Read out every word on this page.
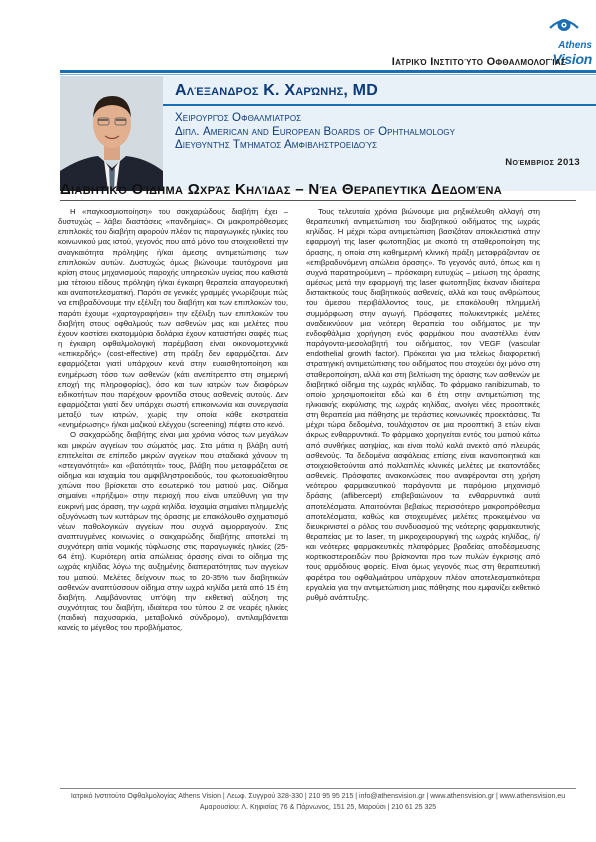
Athens
Vision
Ιατρικό Ινστιτούτο Οφθαλμολογίας
Αλέξανδρος Κ. Χαρώνης, MD
Χειρουργός Οφθαλμίατρος
Διπλ. American and European Boards of Ophthalmology
Διευθυντής Τμήματος Αμφιβληστροειδούς
Νοέμβριος 2013
Διαβητικό Οίδημα Ωχράς Κηλίδας – Νέα Θεραπευτικά Δεδομένα

Η «παγκοσμιοποίηση» του σακχαρώδους διαβήτη έχει – δυστυχώς – λάβει διαστάσεις «πανδημίας». Οι μακροπρόθεσμες επιπλοκές του διαβήτη αφορούν πλέον τις παραγωγικές ηλικίες του κοινωνικού μας ιστού, γεγονός που από μόνο του στοιχειοθετεί την αναγκαιότητα πρόληψης ή/και άμεσης αντιμετώπισης των επιπλοκών αυτών. Δυστυχώς όμως βιώνουμε ταυτόχρονα μια κρίση στους μηχανισμούς παροχής υπηρεσιών υγείας που καθιστά μια τέτοιου είδους πρόληψη ή/και έγκαιρη θεραπεία απαγορευτική και αναποτελεσματική. Παρότι σε γενικές γραμμές γνωρίζουμε πώς να επιβραδύνουμε την εξέλιξη του διαβήτη και των επιπλοκών του, παρότι έχουμε «χαρτογραφήσει» την εξέλιξη των επιπλοκών του διαβήτη στους οφθαλμούς των ασθενών μας και μελέτες που έχουν κοστίσει εκατομμύρια δολάρια έχουν καταστήσει σαφές πως η έγκαιρη οφθαλμολογική παρέμβαση είναι οικονομοτεχνικά «επικερδής» (cost-effective) στη πράξη δεν εφαρμόζεται. Δεν εφαρμόζεται γιατί υπάρχουν κενά στην ευαισθητοποίηση και ενημέρωση τόσο των ασθενών (κάτι ανεπίτρεπτο στη σημερινή εποχή της πληροφορίας), όσο και των ιατρών των διαφόρων ειδικοτήτων που παρέχουν φροντίδα στους ασθενείς αυτούς. Δεν εφαρμόζεται γιατί δεν υπάρχει σωστή επικοινωνία και συνεργασία μεταξύ των ιατρών, χωρίς την οποία κάθε εκστρατεία «ενημέρωσης» ή/και μαζικού ελέγχου (screening) πέφτει στο κενό.

Ο σακχαρώδης διαβήτης είναι μια χρόνια νόσος των μεγάλων και μικρών αγγείων του σώματός μας. Στα μάτια η βλάβη αυτή επιτελείται σε επίπεδο μικρών αγγείων που σταδιακά χάνουν τη «στεγανότητά» και «βατότητά» τους, βλάβη που μεταφράζεται σε οίδημα και ισχαιμία του αμφιβληστροειδούς, του φωτοευαίσθητου χιτώνα που βρίσκεται στο εσωτερικό του ματιού μας. Οίδημα σημαίνει «πρήξιμο» στην περιοχή που είναι υπεύθυνη για την ευκρινή μας όραση, την ωχρά κηλίδα. Ισχαιμία σημαίνει πλημμελής οξυγόνωση των κυττάρων της όρασης με επακόλουθο σχηματισμό νέων παθολογικών αγγείων που συχνά αιμορραγούν. Στις αναπτυγμένες κοινωνίες ο σακχαρώδης διαβήτης αποτελεί τη συχνότερη αιτία νομικής τύφλωσης στις παραγωγικές ηλικίες (25-64 έτη). Κυριότερη αιτία απώλειας όρασης είναι το οίδημα της ωχράς κηλίδας λόγω της αυξημένης διαπερατότητας των αγγείων του ματιού. Μελέτες δείχνουν πως το 20-35% των διαβητικών ασθενών αναπτύσσουν οίδημα στην ωχρά κηλίδα μετά από 15 έτη διαβήτη. Λαμβάνοντας υπ'όψη την εκθετική αύξηση της συχνότητας του διαβήτη, ιδιαίτερα του τύπου 2 σε νεαρές ηλικίες (παιδική παχυσαρκία, μεταβολικό σύνδρομο), αντιλαμβάνεται κανείς το μέγεθος του προβλήματος.

Τους τελευταία χρόνια βιώνουμε μια ρηξικέλευθη αλλαγή στη θεραπευτική αντιμετώπιση του διαβητικού οιδήματος της ωχράς κηλίδας. Η μέχρι τώρα αντιμετώπιση βασιζόταν αποκλειστικά στην εφαρμογή της laser φωτοπηξίας με σκοπό τη σταθεροποίηση της όρασης, η οποία στη καθημερινή κλινική πράξη μεταφράζονταν σε «επιβραδυνόμενη απώλεια όρασης». Το γεγονός αυτό, όπως και η συχνά παρατηρούμενη – πρόσκαιρη ευτυχώς – μείωση της όρασης αμέσως μετά την εφαρμογή της laser φωτοπηξίας έκαναν ιδιαίτερα διστακτικούς τους διαβητικούς ασθενείς, αλλά και τους ανθρώπους του άμεσου περιβάλλοντος τους, με επακόλουθη πλημμελή συμμόρφωση στην αγωγή. Πρόσφατες πολυκεντρικές μελέτες αναδεικνύουν μια νεότερη θεραπεία του οιδήματος με την ενδοφθάλμια χορήγηση ενός φαρμάκου που αναστέλλει έναν παράγοντα-μεσολαβητή του οιδήματος, τον VEGF (vascular endothelial growth factor). Πρόκειται για μια τελείως διαφορετική στρατηγική αντιμετώπισης του οιδήματος που στοχεύει όχι μόνο στη σταθεροποίηση, αλλά και στη βελτίωση της όρασης των ασθενών με διαβητικό οίδημα της ωχράς κηλίδας. Το φάρμακο ranibizumab, το οποίο χρησιμοποιείται εδώ και 6 έτη στην αντιμετώπιση της ηλικιακής εκφύλισης της ωχράς κηλίδας, ανοίγει νέες προοπτικές στη θεραπεία μια πάθησης με τεράστιες κοινωνικές προεκτάσεις. Τα μέχρι τώρα δεδομένα, τουλάχιστον σε μια προοπτική 3 ετών είναι άκρως ενθαρρυντικά. Το φάρμακο χορηγείται εντός του ματιού κάτω από συνθήκες ασηψίας, και είναι πολύ καλά ανεκτό από πλευράς ασθενούς. Τα δεδομένα ασφάλειας επίσης είναι ικανοποιητικά και στοιχειοθετούνται από πολλαπλές κλινικές μελέτες με εκατοντάδες ασθενείς. Πρόσφατες ανακοινώσεις που αναφέρονται στη χρήση νεότερου φαρμακευτικού παράγοντα με παρόμοιο μηχανισμό δράσης (aflibercept) επιβεβαιώνουν τα ενθαρρυντικά αυτά αποτελέσματα. Απαιτούνται βεβαίως περισσότερο μακροπρόθεσμα αποτελέσματα, καθώς και στοχευμένες μελέτες προκειμένου να διευκρινιστεί ο ρόλος του συνδυασμού της νεότερης φαρμακευτικής θεραπείας με το laser, τη μικροχειρουργική της ωχράς κηλίδας, ή/ και νεότερες φαρμακευτικές πλατφόρμες βραδείας αποδέσμευσης κορτικοστεροειδών που βρίσκονται προ των πυλών έγκρισης από τους αρμόδιους φορείς. Είναι όμως γεγονός πως στη θεραπευτική φαρέτρα του οφθαλμιάτρου υπάρχουν πλέον αποτελεσματικότερα εργαλεία για την αντιμετώπιση μιας πάθησης που εμφανίζει εκθετικό ρυθμό ανάπτυξης.

Ιατρικό Ινστιτούτο Οφθαλμολογίας Athens Vision | Λεωφ. Συγγρού 328-330 | 210 95 95 215 | info@athensvision.gr | www.athensvision.gr | www.athensvision.eu
Αμαρουσίου: Λ. Κηφισίας 76 & Πάρνωνος, 151 25, Μαρούσι | 210 61 25 325
